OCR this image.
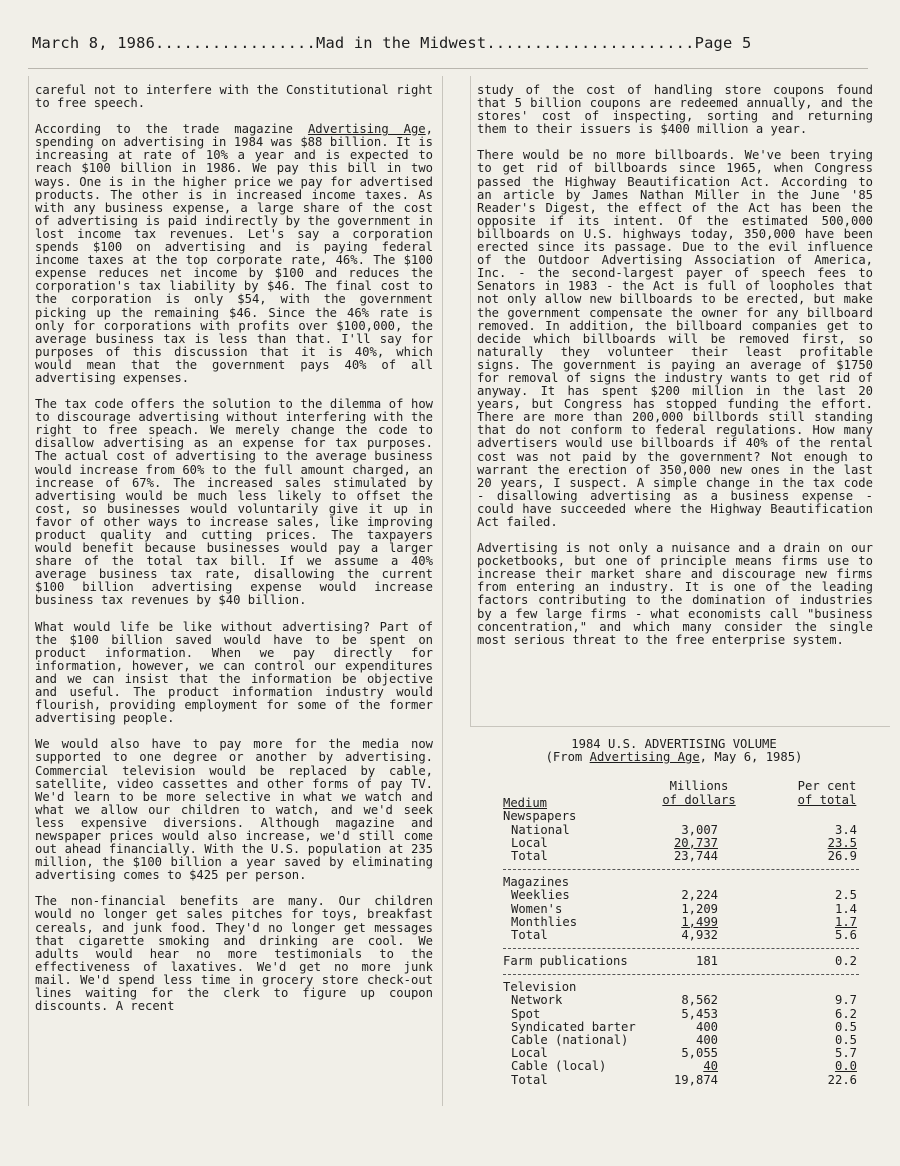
March 8, 1986.................Mad in the Midwest......................Page 5

careful not to interfere with the Constitutional right to free speech.

According to the trade magazine Advertising Age, spending on advertising in 1984 was $88 billion. It is increasing at rate of 10% a year and is expected to reach $100 billion in 1986. We pay this bill in two ways. One is in the higher price we pay for advertised products. The other is in increased income taxes. As with any business expense, a large share of the cost of advertising is paid indirectly by the government in lost income tax revenues. Let's say a corporation spends $100 on advertising and is paying federal income taxes at the top corporate rate, 46%. The $100 expense reduces net income by $100 and reduces the corporation's tax liability by $46. The final cost to the corporation is only $54, with the government picking up the remaining $46. Since the 46% rate is only for corporations with profits over $100,000, the average business tax is less than that. I'll say for purposes of this discussion that it is 40%, which would mean that the government pays 40% of all advertising expenses.

The tax code offers the solution to the dilemma of how to discourage advertising without interfering with the right to free speach. We merely change the code to disallow advertising as an expense for tax purposes. The actual cost of advertising to the average business would increase from 60% to the full amount charged, an increase of 67%. The increased sales stimulated by advertising would be much less likely to offset the cost, so businesses would voluntarily give it up in favor of other ways to increase sales, like improving product quality and cutting prices. The taxpayers would benefit because businesses would pay a larger share of the total tax bill. If we assume a 40% average business tax rate, disallowing the current $100 billion advertising expense would increase business tax revenues by $40 billion.

What would life be like without advertising? Part of the $100 billion saved would have to be spent on product information. When we pay directly for information, however, we can control our expenditures and we can insist that the information be objective and useful. The product information industry would flourish, providing employment for some of the former advertising people.

We would also have to pay more for the media now supported to one degree or another by advertising. Commercial television would be replaced by cable, satellite, video cassettes and other forms of pay TV. We'd learn to be more selective in what we watch and what we allow our children to watch, and we'd seek less expensive diversions. Although magazine and newspaper prices would also increase, we'd still come out ahead financially. With the U.S. population at 235 million, the $100 billion a year saved by eliminating advertising comes to $425 per person.

The non-financial benefits are many. Our children would no longer get sales pitches for toys, breakfast cereals, and junk food. They'd no longer get messages that cigarette smoking and drinking are cool. We adults would hear no more testimonials to the effectiveness of laxatives. We'd get no more junk mail. We'd spend less time in grocery store check-out lines waiting for the clerk to figure up coupon discounts. A recent

study of the cost of handling store coupons found that 5 billion coupons are redeemed annually, and the stores' cost of inspecting, sorting and returning them to their issuers is $400 million a year.

There would be no more billboards. We've been trying to get rid of billboards since 1965, when Congress passed the Highway Beautification Act. According to an article by James Nathan Miller in the June '85 Reader's Digest, the effect of the Act has been the opposite if its intent. Of the estimated 500,000 billboards on U.S. highways today, 350,000 have been erected since its passage. Due to the evil influence of the Outdoor Advertising Association of America, Inc. - the second-largest payer of speech fees to Senators in 1983 - the Act is full of loopholes that not only allow new billboards to be erected, but make the government compensate the owner for any billboard removed. In addition, the billboard companies get to decide which billboards will be removed first, so naturally they volunteer their least profitable signs. The government is paying an average of $1750 for removal of signs the industry wants to get rid of anyway. It has spent $200 million in the last 20 years, but Congress has stopped funding the effort. There are more than 200,000 billbords still standing that do not conform to federal regulations. How many advertisers would use billboards if 40% of the rental cost was not paid by the government? Not enough to warrant the erection of 350,000 new ones in the last 20 years, I suspect. A simple change in the tax code - disallowing advertising as a business expense - could have succeeded where the Highway Beautification Act failed.

Advertising is not only a nuisance and a drain on our pocketbooks, but one of principle means firms use to increase their market share and discourage new firms from entering an industry. It is one of the leading factors contributing to the domination of industries by a few large firms - what economists call "business concentration," and which many consider the single most serious threat to the free enterprise system.

1984 U.S. ADVERTISING VOLUME
(From Advertising Age, May 6, 1985)
Medium
Millions
of dollars
Per cent
of total
Newspapers
National	3,007	3.4
Local	20,737	23.5
Total	23,744	26.9
Magazines
Weeklies	2,224	2.5
Women's	1,209	1.4
Monthlies	1,499	1.7
Total	4,932	5.6
Farm publications	181	0.2
Television
Network	8,562	9.7
Spot	5,453	6.2
Syndicated barter	400	0.5
Cable (national)	400	0.5
Local	5,055	5.7
Cable (local)	40	0.0
Total	19,874	22.6
